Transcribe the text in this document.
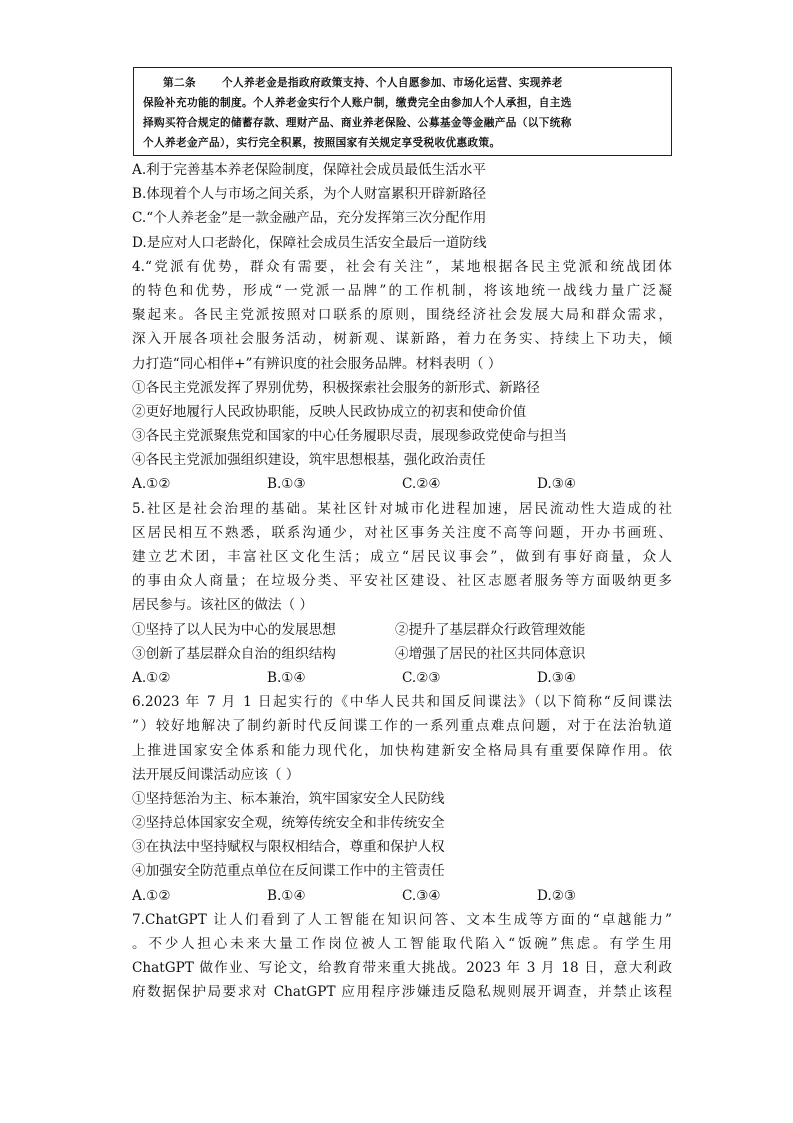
第二条 个人养老金是指政府政策支持、个人自愿参加、市场化运营、实现养老
保险补充功能的制度。个人养老金实行个人账户制，缴费完全由参加人个人承担，自主选
择购买符合规定的储蓄存款、理财产品、商业养老保险、公募基金等金融产品（以下统称
个人养老金产品），实行完全积累，按照国家有关规定享受税收优惠政策。
A.利于完善基本养老保险制度，保障社会成员最低生活水平
B.体现着个人与市场之间关系，为个人财富累积开辟新路径
C.“个人养老金”是一款金融产品，充分发挥第三次分配作用
D.是应对人口老龄化，保障社会成员生活安全最后一道防线
4.“党派有优势，群众有需要，社会有关注”，某地根据各民主党派和统战团体
的特色和优势，形成“一党派一品牌”的工作机制，将该地统一战线力量广泛凝
聚起来。各民主党派按照对口联系的原则，围绕经济社会发展大局和群众需求，
深入开展各项社会服务活动，树新观、谋新路，着力在务实、持续上下功夫，倾
力打造“同心相伴+”有辨识度的社会服务品牌。材料表明（ ）
①各民主党派发挥了界别优势，积极探索社会服务的新形式、新路径
②更好地履行人民政协职能，反映人民政协成立的初衷和使命价值
③各民主党派聚焦党和国家的中心任务履职尽责，展现参政党使命与担当
④各民主党派加强组织建设，筑牢思想根基，强化政治责任
A.①②	B.①③	C.②④	D.③④
5.社区是社会治理的基础。某社区针对城市化进程加速，居民流动性大造成的社
区居民相互不熟悉，联系沟通少，对社区事务关注度不高等问题，开办书画班、
建立艺术团，丰富社区文化生活；成立“居民议事会”，做到有事好商量，众人
的事由众人商量；在垃圾分类、平安社区建设、社区志愿者服务等方面吸纳更多
居民参与。该社区的做法（ ）
①坚持了以人民为中心的发展思想	②提升了基层群众行政管理效能
③创新了基层群众自治的组织结构	④增强了居民的社区共同体意识
A.①②	B.①④	C.②③	D.③④
6.2023 年 7 月 1 日起实行的《中华人民共和国反间谍法》（以下简称“反间谍法
”）较好地解决了制约新时代反间谍工作的一系列重点难点问题，对于在法治轨道
上推进国家安全体系和能力现代化，加快构建新安全格局具有重要保障作用。依
法开展反间谍活动应该（ ）
①坚持惩治为主、标本兼治，筑牢国家安全人民防线
②坚持总体国家安全观，统筹传统安全和非传统安全
③在执法中坚持赋权与限权相结合，尊重和保护人权
④加强安全防范重点单位在反间谍工作中的主管责任
A.①②	B.①④	C.③④	D.②③
7.ChatGPT 让人们看到了人工智能在知识问答、文本生成等方面的“卓越能力”
。不少人担心未来大量工作岗位被人工智能取代陷入“饭碗”焦虑。有学生用
ChatGPT 做作业、写论文，给教育带来重大挑战。2023 年 3 月 18 日，意大利政
府数据保护局要求对 ChatGPT 应用程序涉嫌违反隐私规则展开调查，并禁止该程
